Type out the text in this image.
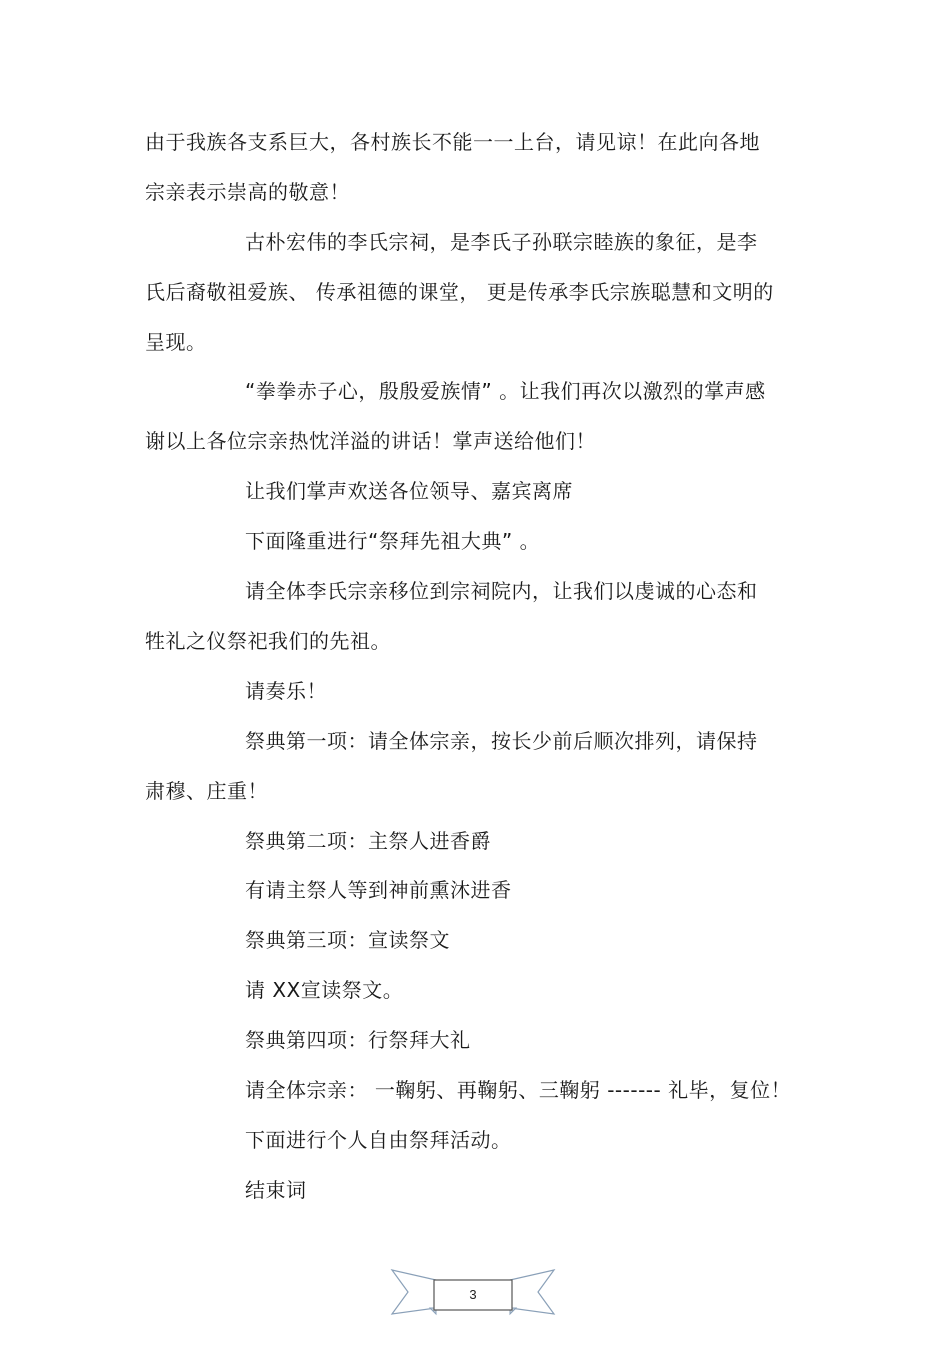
由于我族各支系巨大，各村族长不能一一上台，请见谅！在此向各地
宗亲表示崇高的敬意！
古朴宏伟的李氏宗祠，是李氏子孙联宗睦族的象征，是李
氏后裔敬祖爱族、 传承祖德的课堂， 更是传承李氏宗族聪慧和文明的
呈现。
“拳拳赤子心，殷殷爱族情” 。让我们再次以激烈的掌声感
谢以上各位宗亲热忱洋溢的讲话！掌声送给他们！
让我们掌声欢送各位领导、嘉宾离席
下面隆重进行“祭拜先祖大典” 。
请全体李氏宗亲移位到宗祠院内，让我们以虔诚的心态和
牲礼之仪祭祀我们的先祖。
请奏乐！
祭典第一项：请全体宗亲，按长少前后顺次排列，请保持
肃穆、庄重！
祭典第二项：主祭人进香爵
有请主祭人等到神前熏沐进香
祭典第三项：宣读祭文
请 XX宣读祭文。
祭典第四项：行祭拜大礼
请全体宗亲： 一鞠躬、再鞠躬、三鞠躬 ------- 礼毕，复位！
下面进行个人自由祭拜活动。
结束词
3
